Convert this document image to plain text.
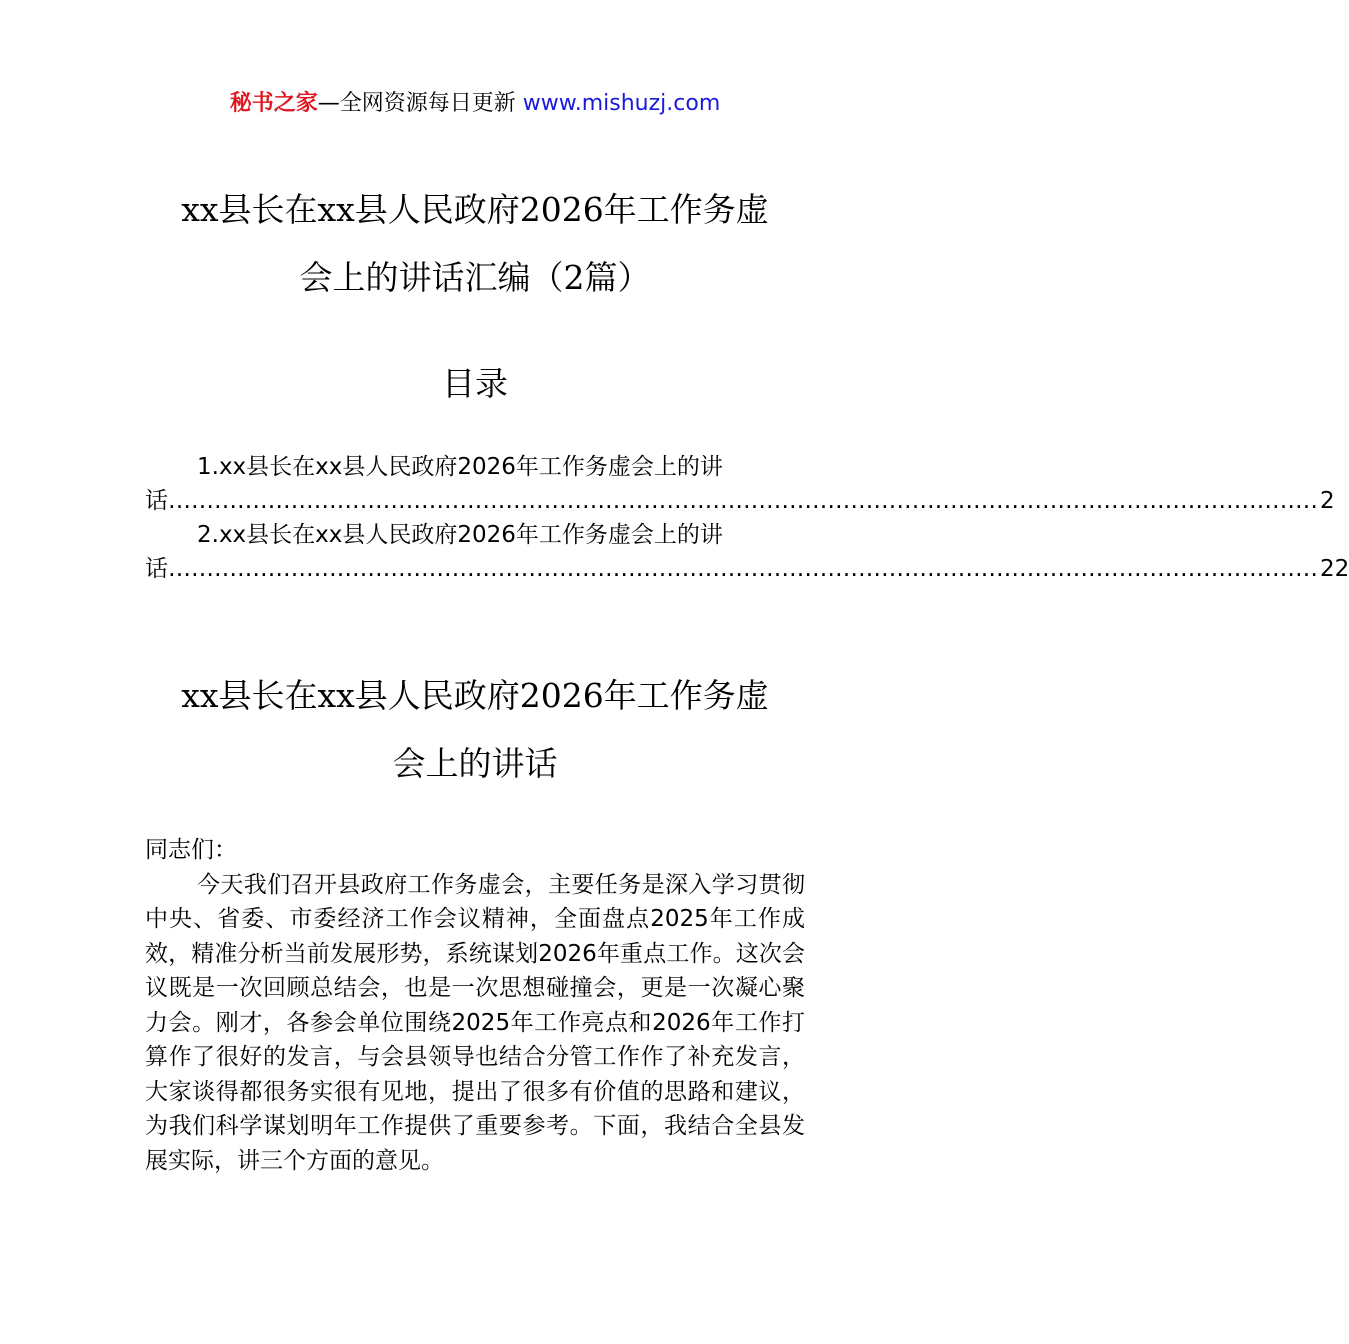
秘书之家—全网资源每日更新 www.mishuzj.com
xx县长在xx县人民政府2026年工作务虚
会上的讲话汇编（2篇）
目录
1.xx县长在xx县人民政府2026年工作务虚会上的讲
话 …………………………………………………………………………………………………………………………………… 2
2.xx县长在xx县人民政府2026年工作务虚会上的讲
话 …………………………………………………………………………………………………………………………………… 22
xx县长在xx县人民政府2026年工作务虚
会上的讲话

同志们：

今天我们召开县政府工作务虚会，主要任务是深入学习贯彻中央、省委、市委经济工作会议精神，全面盘点2025年工作成效，精准分析当前发展形势，系统谋划2026年重点工作。这次会议既是一次回顾总结会，也是一次思想碰撞会，更是一次凝心聚力会。刚才，各参会单位围绕2025年工作亮点和2026年工作打算作了很好的发言，与会县领导也结合分管工作作了补充发言，大家谈得都很务实很有见地，提出了很多有价值的思路和建议，为我们科学谋划明年工作提供了重要参考。下面，我结合全县发展实际，讲三个方面的意见。
